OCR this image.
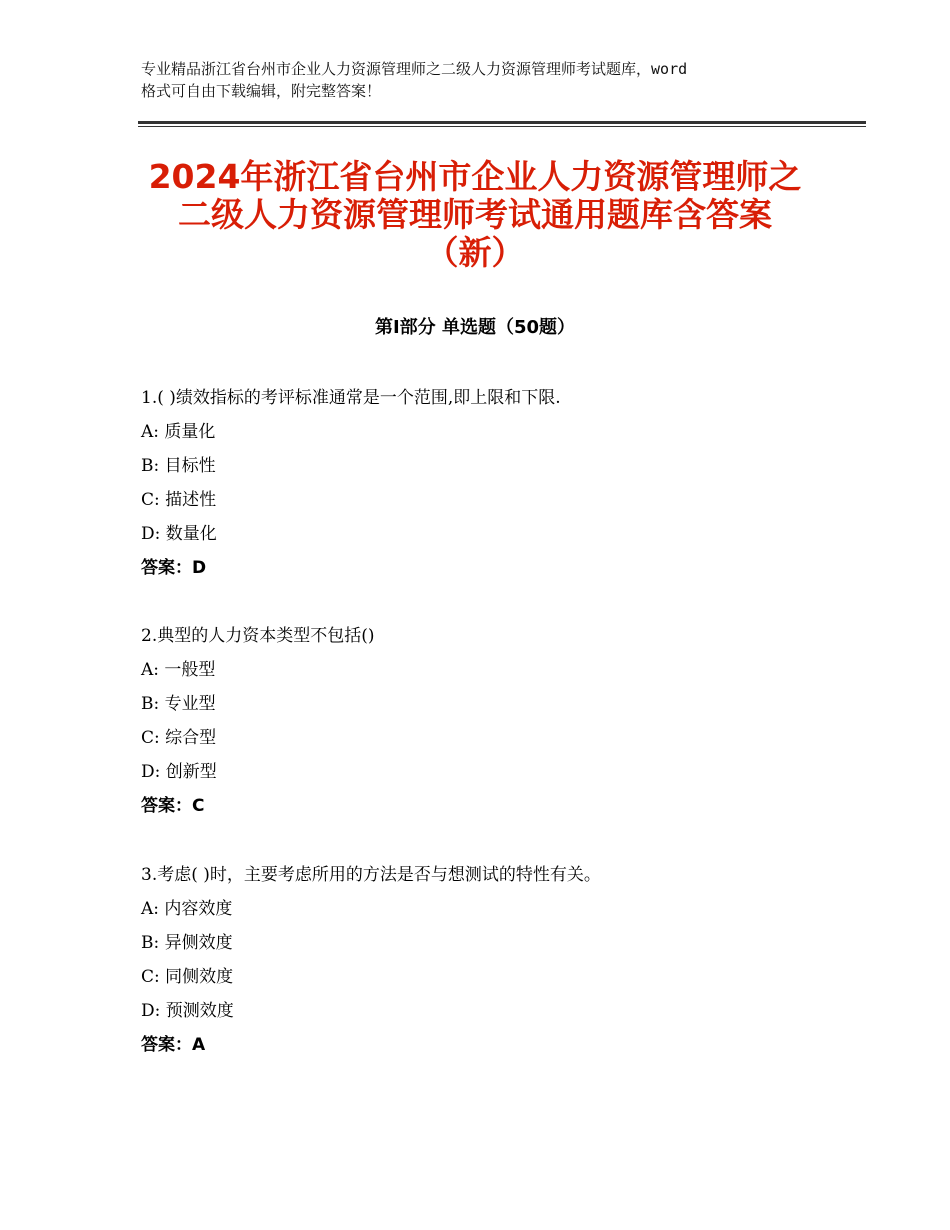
专业精品浙江省台州市企业人力资源管理师之二级人力资源管理师考试题库，word
格式可自由下载编辑，附完整答案！
2024年浙江省台州市企业人力资源管理师之
二级人力资源管理师考试通用题库含答案
（新）
第Ⅰ部分 单选题（50题）
1.( )绩效指标的考评标准通常是一个范围,即上限和下限.
A: 质量化
B: 目标性
C: 描述性
D: 数量化
答案：D
2.典型的人力资本类型不包括()
A: 一般型
B: 专业型
C: 综合型
D: 创新型
答案：C
3.考虑( )时，主要考虑所用的方法是否与想测试的特性有关。
A: 内容效度
B: 异侧效度
C: 同侧效度
D: 预测效度
答案：A
